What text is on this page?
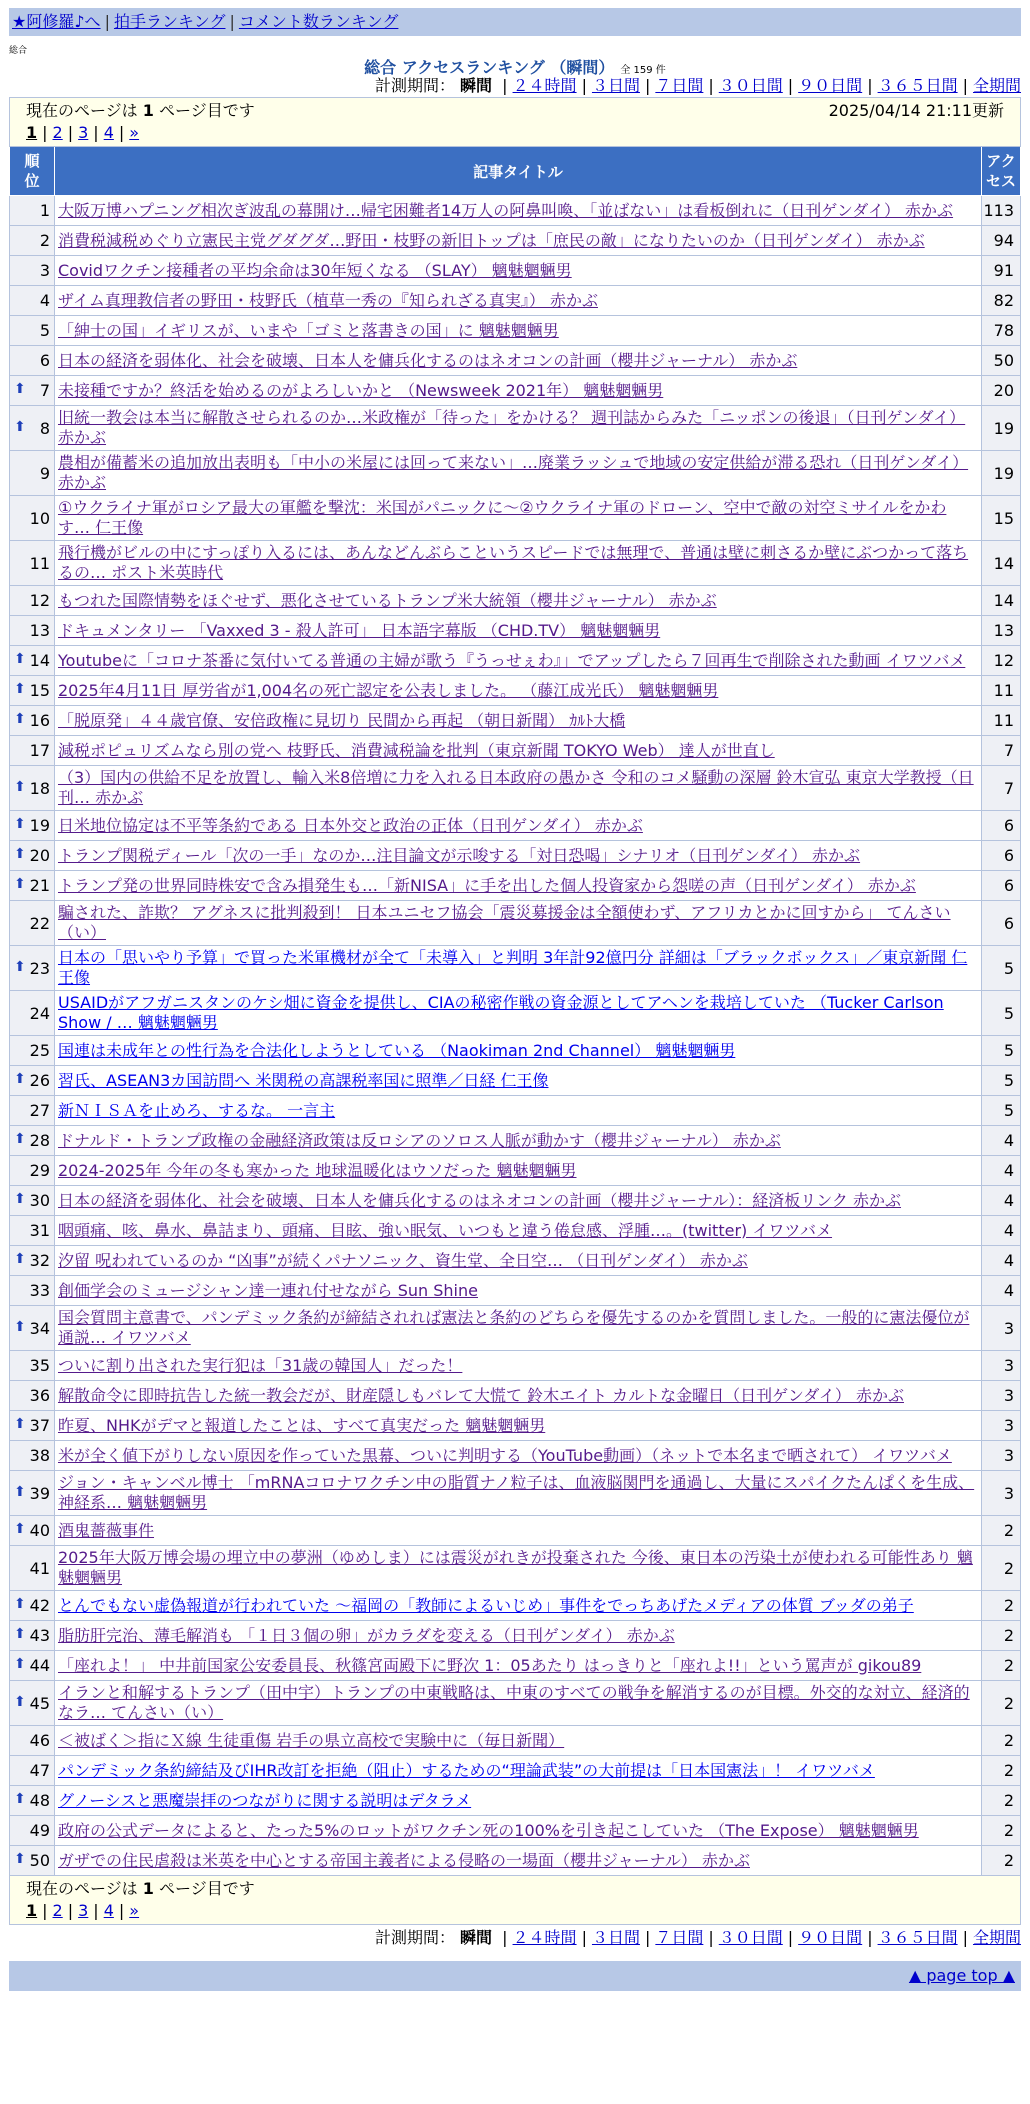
★阿修羅♪へ | 拍手ランキング | コメント数ランキング
総合
総合 アクセスランキング （瞬間） 全 159 件
計測期間： 瞬間 | ２４時間 | ３日間 | ７日間 | ３０日間 | ９０日間 | ３６５日間 | 全期間
現在のページは 1 ページ目です 2025/04/14 21:11更新
1 | 2 | 3 | 4 | »		

順位	記事タイトル	アクセス
1	大阪万博ハプニング相次ぎ波乱の幕開け…帰宅困難者14万人の阿鼻叫喚、「並ばない」は看板倒れに（日刊ゲンダイ） 赤かぶ	113
2	消費税減税めぐり立憲民主党グダグダ…野田・枝野の新旧トップは「庶民の敵」になりたいのか（日刊ゲンダイ） 赤かぶ	94
3	Covidワクチン接種者の平均余命は30年短くなる （SLAY） 魑魅魍魎男	91
4	ザイム真理教信者の野田・枝野氏（植草一秀の『知られざる真実』） 赤かぶ	82
5	「紳士の国」イギリスが、いまや「ゴミと落書きの国」に 魑魅魍魎男	78
6	日本の経済を弱体化、社会を破壊、日本人を傭兵化するのはネオコンの計画（櫻井ジャーナル） 赤かぶ	50

⬆ 7	未接種ですか？終活を始めるのがよろしいかと （Newsweek 2021年） 魑魅魍魎男	20

⬆ 8	旧統一教会は本当に解散させられるのか…米政権が「待った」をかける？ 週刊誌からみた「ニッポンの後退」（日刊ゲンダイ） 赤かぶ	19
9	農相が備蓄米の追加放出表明も「中小の米屋には回って来ない」…廃業ラッシュで地域の安定供給が滞る恐れ（日刊ゲンダイ） 赤かぶ	19
10	①ウクライナ軍がロシア最大の軍艦を撃沈：米国がパニックに～②ウクライナ軍のドローン、空中で敵の対空ミサイルをかわす… 仁王像	15
11	飛行機がビルの中にすっぽり入るには、あんなどんぶらこというスピードでは無理で、普通は壁に刺さるか壁にぶつかって落ちるの… ポスト米英時代	14
12	もつれた国際情勢をほぐせず、悪化させているトランプ米大統領（櫻井ジャーナル） 赤かぶ	14
13	ドキュメンタリー 「Vaxxed 3 - 殺人許可」 日本語字幕版 （CHD.TV） 魑魅魍魎男	13

⬆ 14	Youtubeに「コロナ茶番に気付いてる普通の主婦が歌う『うっせぇわ』」でアップしたら７回再生で削除された動画 イワツバメ	12

⬆ 15	2025年4月11日 厚労省が1,004名の死亡認定を公表しました。 （藤江成光氏） 魑魅魍魎男	11

⬆ 16	「脱原発」４４歳官僚、安倍政権に見切り 民間から再起 （朝日新聞） ｶﾙﾄ大橋	11
17	減税ポピュリズムなら別の党へ 枝野氏、消費減税論を批判（東京新聞 TOKYO Web） 達人が世直し	7

⬆ 18	（3）国内の供給不足を放置し、輸入米8倍増に力を入れる日本政府の愚かさ 令和のコメ騒動の深層 鈴木宣弘 東京大学教授（日刊… 赤かぶ	7

⬆ 19	日米地位協定は不平等条約である 日本外交と政治の正体（日刊ゲンダイ） 赤かぶ	6

⬆ 20	トランプ関税ディール「次の一手」なのか…注目論文が示唆する「対日恐喝」シナリオ（日刊ゲンダイ） 赤かぶ	6

⬆ 21	トランプ発の世界同時株安で含み損発生も…「新NISA」に手を出した個人投資家から怨嗟の声（日刊ゲンダイ） 赤かぶ	6
22	騙された、詐欺？ アグネスに批判殺到！ 日本ユニセフ協会「震災募援金は全額使わず、アフリカとかに回すから」 てんさい（い）	6

⬆ 23	日本の「思いやり予算」で買った米軍機材が全て「未導入」と判明 3年計92億円分 詳細は「ブラックボックス」／東京新聞 仁王像	5
24	USAIDがアフガニスタンのケシ畑に資金を提供し、CIAの秘密作戦の資金源としてアヘンを栽培していた （Tucker Carlson Show / … 魑魅魍魎男	5
25	国連は未成年との性行為を合法化しようとしている （Naokiman 2nd Channel） 魑魅魍魎男	5

⬆ 26	習氏、ASEAN3カ国訪問へ 米関税の高課税率国に照準／日経 仁王像	5
27	新ＮＩＳＡを止めろ、するな。 一言主	5

⬆ 28	ドナルド・トランプ政権の金融経済政策は反ロシアのソロス人脈が動かす（櫻井ジャーナル） 赤かぶ	4
29	2024-2025年 今年の冬も寒かった 地球温暖化はウソだった 魑魅魍魎男	4

⬆ 30	日本の経済を弱体化、社会を破壊、日本人を傭兵化するのはネオコンの計画（櫻井ジャーナル）：経済板リンク 赤かぶ	4
31	咽頭痛、咳、鼻水、鼻詰まり、頭痛、目眩、強い眠気、いつもと違う倦怠感、浮腫…。(twitter) イワツバメ	4

⬆ 32	汐留 呪われているのか “凶事”が続くパナソニック、資生堂、全日空… （日刊ゲンダイ） 赤かぶ	4
33	創価学会のミュージシャン達一連れ付せながら Sun Shine	4

⬆ 34	国会質問主意書で、パンデミック条約が締結されれば憲法と条約のどちらを優先するのかを質問しました。一般的に憲法優位が通説… イワツバメ	3
35	ついに割り出された実行犯は「31歳の韓国人」だった！	3
36	解散命令に即時抗告した統一教会だが、財産隠しもバレて大慌て 鈴木エイト カルトな金曜日（日刊ゲンダイ） 赤かぶ	3

⬆ 37	昨夏、NHKがデマと報道したことは、すべて真実だった 魑魅魍魎男	3
38	米が全く値下がりしない原因を作っていた黒幕、ついに判明する（YouTube動画）（ネットで本名まで晒されて） イワツバメ	3

⬆ 39	ジョン・キャンベル博士 「mRNAコロナワクチン中の脂質ナノ粒子は、血液脳関門を通過し、大量にスパイクたんぱくを生成、神経系… 魑魅魍魎男	3

⬆ 40	酒鬼薔薇事件	2
41	2025年大阪万博会場の埋立中の夢洲（ゆめしま）には震災がれきが投棄された 今後、東日本の汚染土が使われる可能性あり 魑魅魍魎男	2

⬆ 42	とんでもない虚偽報道が行われていた ～福岡の「教師によるいじめ」事件をでっちあげたメディアの体質 ブッダの弟子	2

⬆ 43	脂肪肝完治、薄毛解消も 「１日３個の卵」がカラダを変える（日刊ゲンダイ） 赤かぶ	2

⬆ 44	「座れよ！」 中井前国家公安委員長、秋篠宮両殿下に野次 1：05あたり はっきりと「座れよ!!」という罵声が gikou89	2

⬆ 45	イランと和解するトランプ（田中宇）トランプの中東戦略は、中東のすべての戦争を解消するのが目標。外交的な対立、経済的なラ… てんさい（い）	2
46	＜被ばく＞指にＸ線 生徒重傷 岩手の県立高校で実験中に（毎日新聞）	2
47	パンデミック条約締結及びIHR改訂を拒絶（阻止）するための“理論武装”の大前提は「日本国憲法」！ イワツバメ	2

⬆ 48	グノーシスと悪魔崇拝のつながりに関する説明はデタラメ	2
49	政府の公式データによると、たった5%のロットがワクチン死の100%を引き起こしていた （The Expose） 魑魅魍魎男	2

⬆ 50	ガザでの住民虐殺は米英を中心とする帝国主義者による侵略の一場面（櫻井ジャーナル） 赤かぶ	2

現在のページは 1 ページ目です
1 | 2 | 3 | 4 | »		
計測期間： 瞬間 | ２４時間 | ３日間 | ７日間 | ３０日間 | ９０日間 | ３６５日間 | 全期間
▲ page top ▲
